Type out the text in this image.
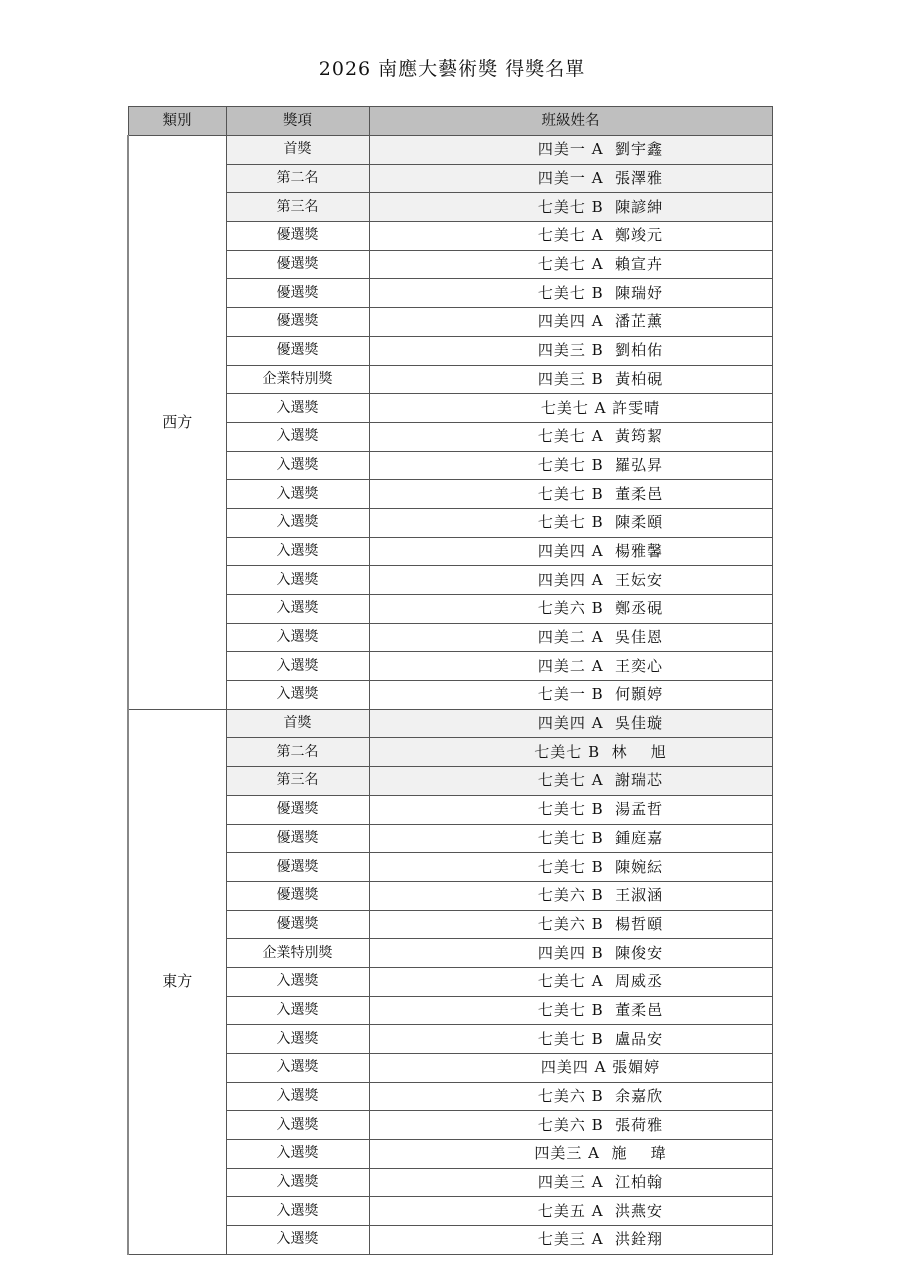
2026 南應大藝術獎 得獎名單
類別	獎項	班級姓名
西方	首獎	四美一 A  劉宇鑫
	第二名	四美一 A  張澤雅
	第三名	七美七 B  陳諺紳
	優選獎	七美七 A  鄭竣元
	優選獎	七美七 A  賴宣卉
	優選獎	七美七 B  陳瑞妤
	優選獎	四美四 A  潘芷薰
	優選獎	四美三 B  劉柏佑
	企業特別獎	四美三 B  黃柏硯
	入選獎	七美七 A 許雯晴
	入選獎	七美七 A  黃筠絜
	入選獎	七美七 B  羅弘昇
	入選獎	七美七 B  董柔邑
	入選獎	七美七 B  陳柔頤
	入選獎	四美四 A  楊雅馨
	入選獎	四美四 A  王妘安
	入選獎	七美六 B  鄭丞硯
	入選獎	四美二 A  吳佳恩
	入選獎	四美二 A  王奕心
	入選獎	七美一 B  何顥婷
東方	首獎	四美四 A  吳佳璇
	第二名	七美七 B  林    旭
	第三名	七美七 A  謝瑞芯
	優選獎	七美七 B  湯孟哲
	優選獎	七美七 B  鍾庭嘉
	優選獎	七美七 B  陳婉紜
	優選獎	七美六 B  王淑涵
	優選獎	七美六 B  楊哲頤
	企業特別獎	四美四 B  陳俊安
	入選獎	七美七 A  周威丞
	入選獎	七美七 B  董柔邑
	入選獎	七美七 B  盧品安
	入選獎	四美四 A 張媚婷
	入選獎	七美六 B  余嘉欣
	入選獎	七美六 B  張荷雅
	入選獎	四美三 A  施    瑋
	入選獎	四美三 A  江柏翰
	入選獎	七美五 A  洪燕安
	入選獎	七美三 A  洪銓翔
